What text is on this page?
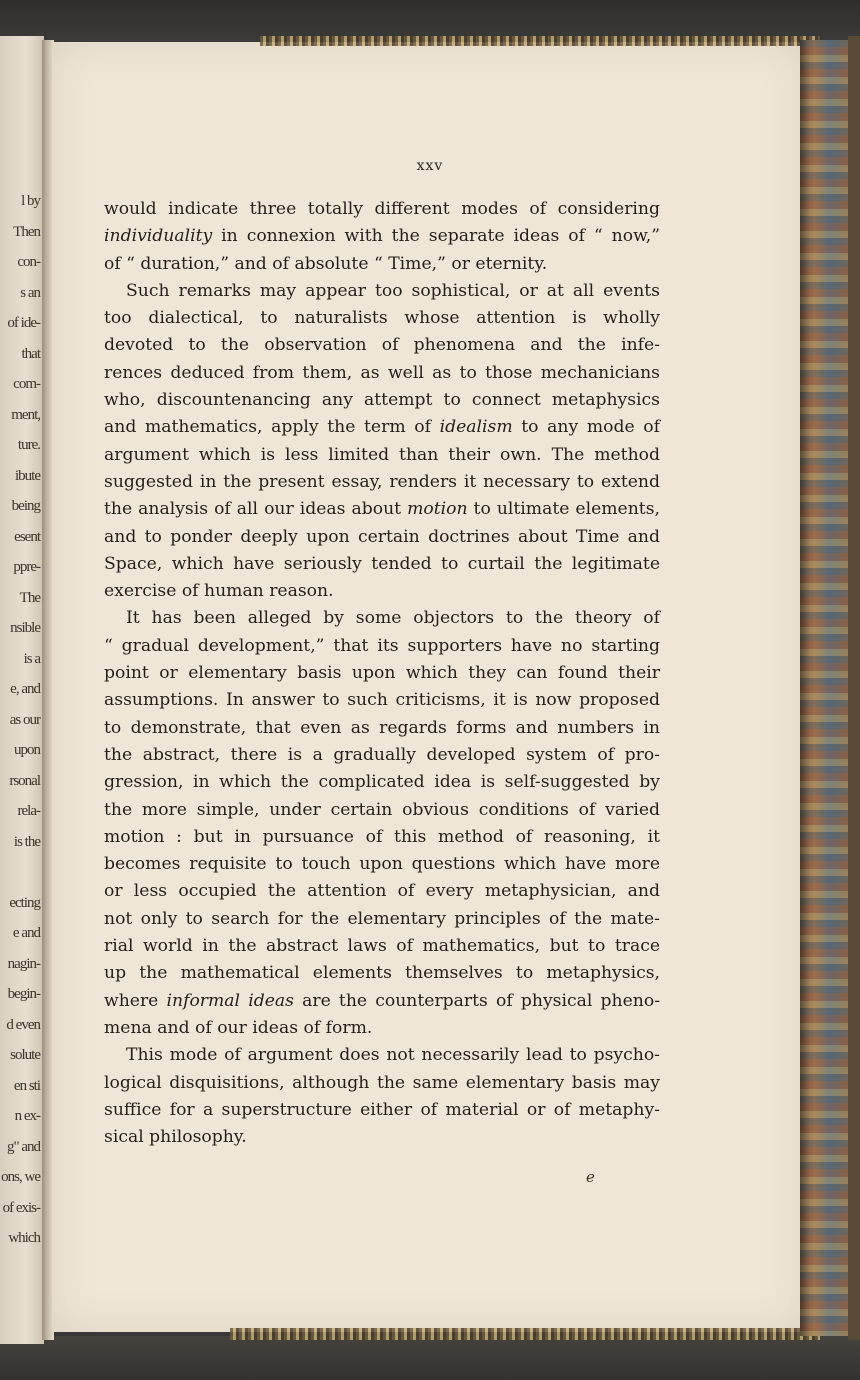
l by
Then
con-
s an
of ide-
that
com-
ment,
ture.
ibute
being
esent
ppre-
The
nsible
is a
e, and
as our
upon
rsonal
rela-
is the

ecting
e and
nagin-
begin-
d even
solute
en sti
n ex-
g" and
ons, we
of exis-
which
xxv
would indicate three totally different modes of considering
individuality in connexion with the separate ideas of “ now,”
of “ duration,” and of absolute “ Time,” or eternity.
Such remarks may appear too sophistical, or at all events
too dialectical, to naturalists whose attention is wholly
devoted to the observation of phenomena and the infe-
rences deduced from them, as well as to those mechanicians
who, discountenancing any attempt to connect metaphysics
and mathematics, apply the term of idealism to any mode of
argument which is less limited than their own. The method
suggested in the present essay, renders it necessary to extend
the analysis of all our ideas about motion to ultimate elements,
and to ponder deeply upon certain doctrines about Time and
Space, which have seriously tended to curtail the legitimate
exercise of human reason.
It has been alleged by some objectors to the theory of
“ gradual development,” that its supporters have no starting
point or elementary basis upon which they can found their
assumptions. In answer to such criticisms, it is now proposed
to demonstrate, that even as regards forms and numbers in
the abstract, there is a gradually developed system of pro-
gression, in which the complicated idea is self-suggested by
the more simple, under certain obvious conditions of varied
motion : but in pursuance of this method of reasoning, it
becomes requisite to touch upon questions which have more
or less occupied the attention of every metaphysician, and
not only to search for the elementary principles of the mate-
rial world in the abstract laws of mathematics, but to trace
up the mathematical elements themselves to metaphysics,
where informal ideas are the counterparts of physical pheno-
mena and of our ideas of form.
This mode of argument does not necessarily lead to psycho-
logical disquisitions, although the same elementary basis may
suffice for a superstructure either of material or of metaphy-
sical philosophy.
e
